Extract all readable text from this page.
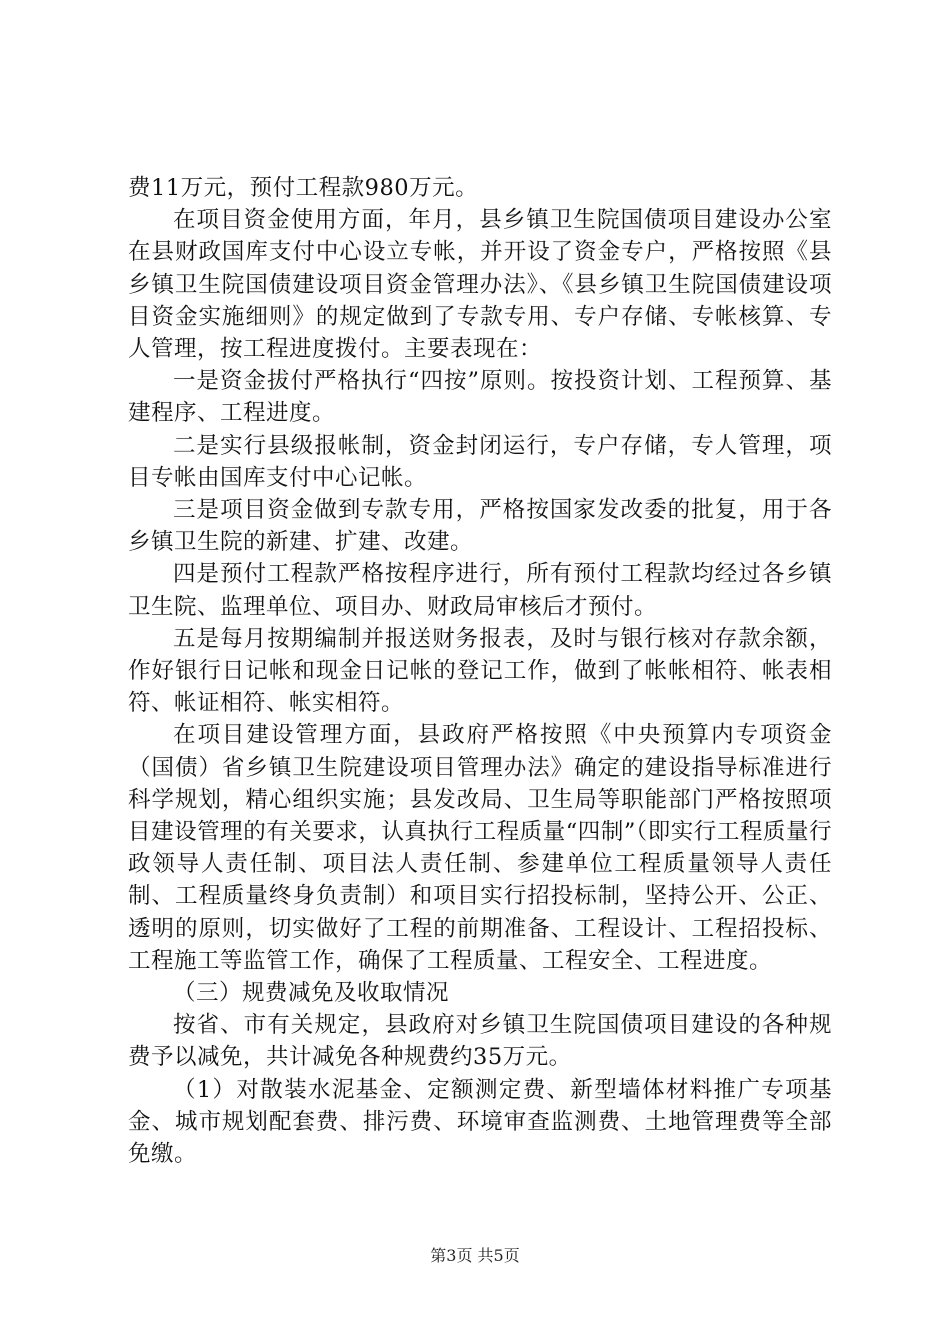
费11万元，预付工程款980万元。

在项目资金使用方面，年月，县乡镇卫生院国债项目建设办公室在县财政国库支付中心设立专帐，并开设了资金专户，严格按照《县乡镇卫生院国债建设项目资金管理办法》、《县乡镇卫生院国债建设项目资金实施细则》的规定做到了专款专用、专户存储、专帐核算、专人管理，按工程进度拨付。主要表现在：

一是资金拔付严格执行“四按”原则。按投资计划、工程预算、基建程序、工程进度。

二是实行县级报帐制，资金封闭运行，专户存储，专人管理，项目专帐由国库支付中心记帐。

三是项目资金做到专款专用，严格按国家发改委的批复，用于各乡镇卫生院的新建、扩建、改建。

四是预付工程款严格按程序进行，所有预付工程款均经过各乡镇卫生院、监理单位、项目办、财政局审核后才预付。

五是每月按期编制并报送财务报表，及时与银行核对存款余额，作好银行日记帐和现金日记帐的登记工作，做到了帐帐相符、帐表相符、帐证相符、帐实相符。

在项目建设管理方面，县政府严格按照《中央预算内专项资金（国债）省乡镇卫生院建设项目管理办法》确定的建设指导标准进行科学规划，精心组织实施；县发改局、卫生局等职能部门严格按照项目建设管理的有关要求，认真执行工程质量“四制”（即实行工程质量行政领导人责任制、项目法人责任制、参建单位工程质量领导人责任制、工程质量终身负责制）和项目实行招投标制，坚持公开、公正、透明的原则，切实做好了工程的前期准备、工程设计、工程招投标、工程施工等监管工作，确保了工程质量、工程安全、工程进度。

（三）规费减免及收取情况

按省、市有关规定，县政府对乡镇卫生院国债项目建设的各种规费予以减免，共计减免各种规费约35万元。

（1）对散装水泥基金、定额测定费、新型墙体材料推广专项基金、城市规划配套费、排污费、环境审查监测费、土地管理费等全部免缴。

第3页 共5页
